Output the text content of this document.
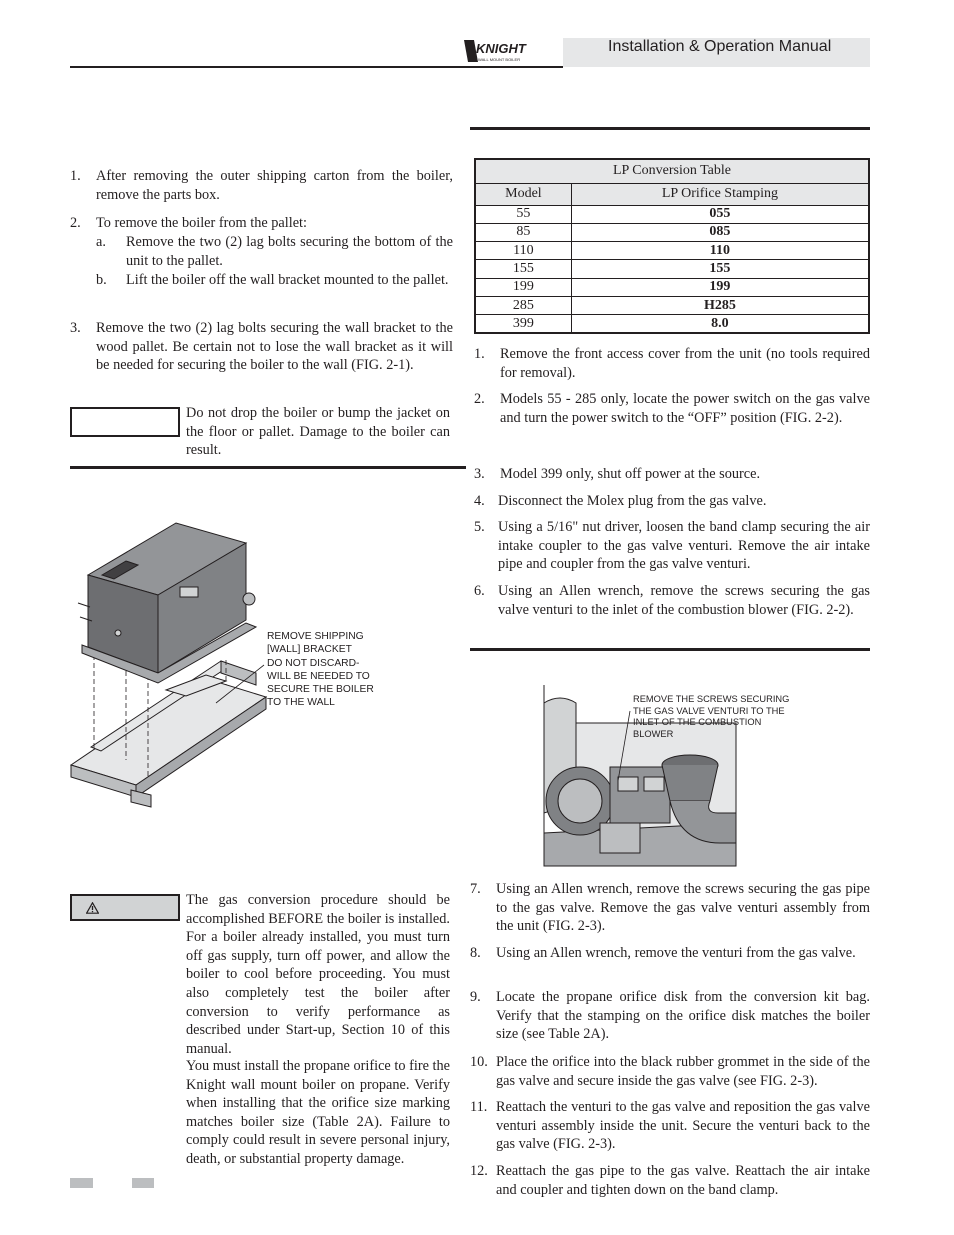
Installation & Operation Manual
KNIGHT
WALL MOUNT BOILER
1. After removing the outer shipping carton from the boiler, remove the parts box.
2. To remove the boiler from the pallet:
a. Remove the two (2) lag bolts securing the bottom of the unit to the pallet.
b. Lift the boiler off the wall bracket mounted to the pallet.
3. Remove the two (2) lag bolts securing the wall bracket to the wood pallet. Be certain not to lose the wall bracket as it will be needed for securing the boiler to the wall (FIG. 2-1).
Do not drop the boiler or bump the jacket on the floor or pallet. Damage to the boiler can result.
REMOVE SHIPPING
[WALL] BRACKET
DO NOT DISCARD-
WILL BE NEEDED TO
SECURE THE BOILER
TO THE WALL
The gas conversion procedure should be accomplished BEFORE the boiler is installed. For a boiler already installed, you must turn off gas supply, turn off power, and allow the boiler to cool before proceeding. You must also completely test the boiler after conversion to verify performance as described under Start-up, Section 10 of this manual.
You must install the propane orifice to fire the Knight wall mount boiler on propane. Verify when installing that the orifice size marking matches boiler size (Table 2A). Failure to comply could result in severe personal injury, death, or substantial property damage.
LP Conversion Table	
Model	LP Orifice Stamping
55	055
85	085
110	110
155	155
199	199
285	H285
399	8.0
1. Remove the front access cover from the unit (no tools required for removal).
2. Models 55 - 285 only, locate the power switch on the gas valve and turn the power switch to the “OFF” position (FIG. 2-2).
3. Model 399 only, shut off power at the source.
4. Disconnect the Molex plug from the gas valve.
5. Using a 5/16" nut driver, loosen the band clamp securing the air intake coupler to the gas valve venturi. Remove the air intake pipe and coupler from the gas valve venturi.
6. Using an Allen wrench, remove the screws securing the gas valve venturi to the inlet of the combustion blower (FIG. 2-2).
REMOVE THE SCREWS SECURING
THE GAS VALVE VENTURI TO THE
INLET OF THE COMBUSTION
BLOWER
7. Using an Allen wrench, remove the screws securing the gas pipe to the gas valve. Remove the gas valve venturi assembly from the unit (FIG. 2-3).
8. Using an Allen wrench, remove the venturi from the gas valve.
9. Locate the propane orifice disk from the conversion kit bag. Verify that the stamping on the orifice disk matches the boiler size (see Table 2A).
10. Place the orifice into the black rubber grommet in the side of the gas valve and secure inside the gas valve (see FIG. 2-3).
11. Reattach the venturi to the gas valve and reposition the gas valve venturi assembly inside the unit. Secure the venturi back to the gas valve (FIG. 2-3).
12. Reattach the gas pipe to the gas valve. Reattach the air intake and coupler and tighten down on the band clamp.
